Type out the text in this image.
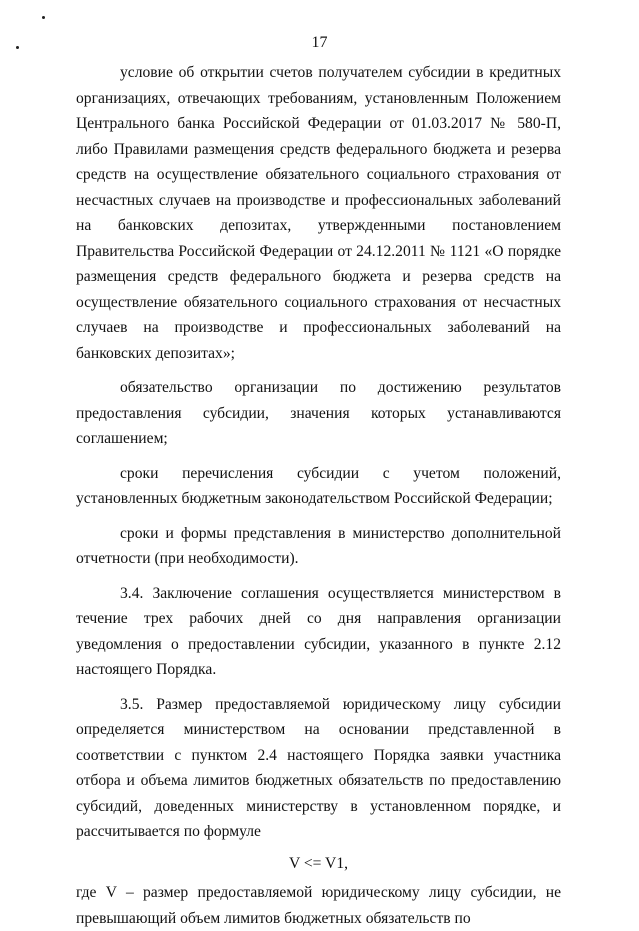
17

условие об открытии счетов получателем субсидии в кредитных организациях, отвечающих требованиям, установленным Положением Центрального банка Российской Федерации от 01.03.2017 № 580-П, либо Правилами размещения средств федерального бюджета и резерва средств на осуществление обязательного социального страхования от несчастных случаев на производстве и профессиональных заболеваний на банковских депозитах, утвержденными постановлением Правительства Российской Федерации от 24.12.2011 № 1121 «О порядке размещения средств федерального бюджета и резерва средств на осуществление обязательного социального страхования от несчастных случаев на производстве и профессиональных заболеваний на банковских депозитах»;

обязательство организации по достижению результатов предоставления субсидии, значения которых устанавливаются соглашением;

сроки перечисления субсидии с учетом положений, установленных бюджетным законодательством Российской Федерации;

сроки и формы представления в министерство дополнительной отчетности (при необходимости).

3.4. Заключение соглашения осуществляется министерством в течение трех рабочих дней со дня направления организации уведомления о предоставлении субсидии, указанного в пункте 2.12 настоящего Порядка.

3.5. Размер предоставляемой юридическому лицу субсидии определяется министерством на основании представленной в соответствии с пунктом 2.4 настоящего Порядка заявки участника отбора и объема лимитов бюджетных обязательств по предоставлению субсидий, доведенных министерству в установленном порядке, и рассчитывается по формуле

V <= V1,

где V – размер предоставляемой юридическому лицу субсидии, не превышающий объем лимитов бюджетных обязательств по
